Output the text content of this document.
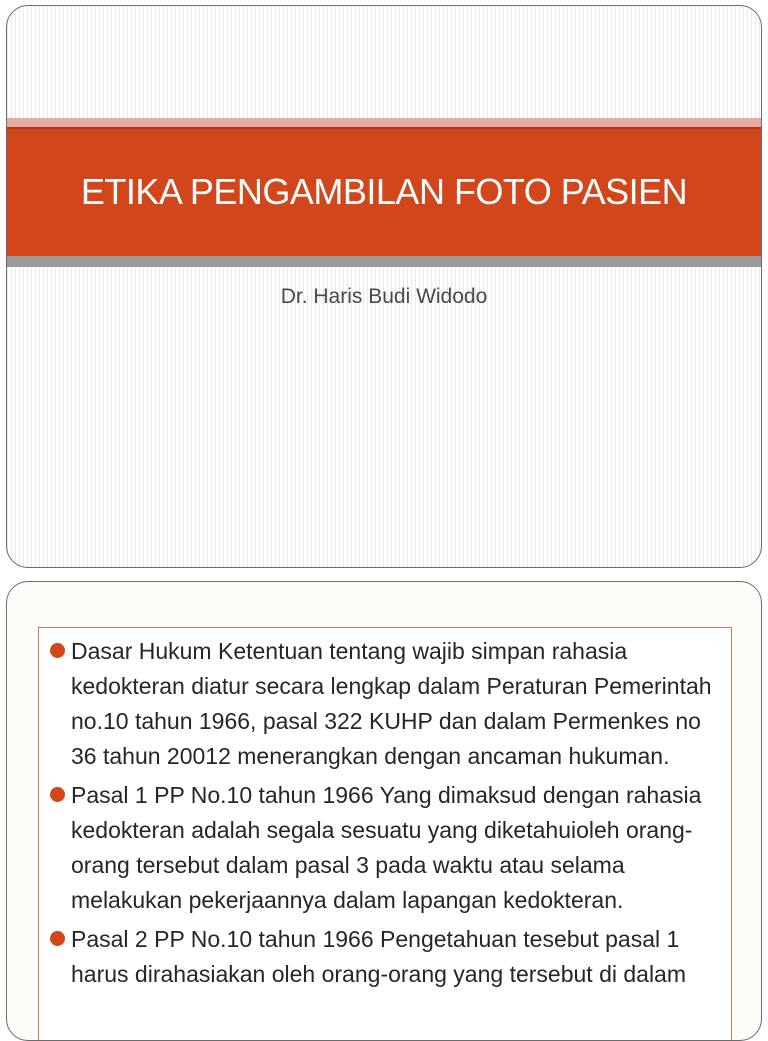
ETIKA PENGAMBILAN FOTO PASIEN
Dr. Haris Budi Widodo
Dasar Hukum Ketentuan tentang wajib simpan rahasia kedokteran diatur secara lengkap dalam Peraturan Pemerintah no.10 tahun 1966, pasal 322 KUHP dan dalam Permenkes no 36 tahun 20012 menerangkan dengan ancaman hukuman.
Pasal 1 PP No.10 tahun 1966 Yang dimaksud dengan rahasia kedokteran adalah segala sesuatu yang diketahuioleh orang-orang tersebut dalam pasal 3 pada waktu atau selama melakukan pekerjaannya dalam lapangan kedokteran.
Pasal 2 PP No.10 tahun 1966 Pengetahuan tesebut pasal 1 harus dirahasiakan oleh orang-orang yang tersebut di dalam
